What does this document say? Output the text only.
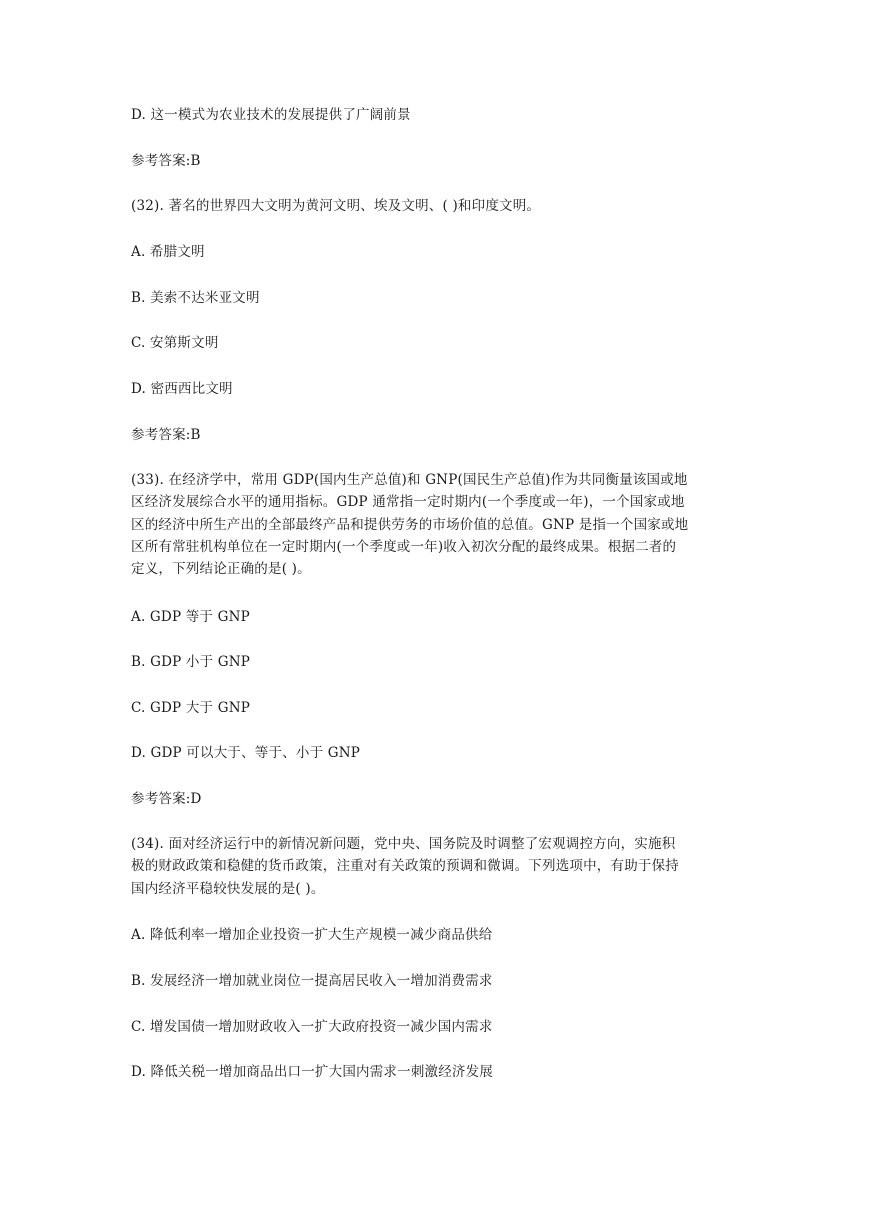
D. 这一模式为农业技术的发展提供了广阔前景
参考答案:B
(32). 著名的世界四大文明为黄河文明、埃及文明、( )和印度文明。
A. 希腊文明
B. 美索不达米亚文明
C. 安第斯文明
D. 密西西比文明
参考答案:B
(33). 在经济学中，常用 GDP(国内生产总值)和 GNP(国民生产总值)作为共同衡量该国或地
区经济发展综合水平的通用指标。GDP 通常指一定时期内(一个季度或一年)，一个国家或地
区的经济中所生产出的全部最终产品和提供劳务的市场价值的总值。GNP 是指一个国家或地
区所有常驻机构单位在一定时期内(一个季度或一年)收入初次分配的最终成果。根据二者的
定义，下列结论正确的是( )。
A. GDP 等于 GNP
B. GDP 小于 GNP
C. GDP 大于 GNP
D. GDP 可以大于、等于、小于 GNP
参考答案:D
(34). 面对经济运行中的新情况新问题，党中央、国务院及时调整了宏观调控方向，实施积
极的财政政策和稳健的货币政策，注重对有关政策的预调和微调。下列选项中，有助于保持
国内经济平稳较快发展的是( )。
A. 降低利率一增加企业投资一扩大生产规模一减少商品供给
B. 发展经济一增加就业岗位一提高居民收入一增加消费需求
C. 增发国债一增加财政收入一扩大政府投资一减少国内需求
D. 降低关税一增加商品出口一扩大国内需求一刺激经济发展
